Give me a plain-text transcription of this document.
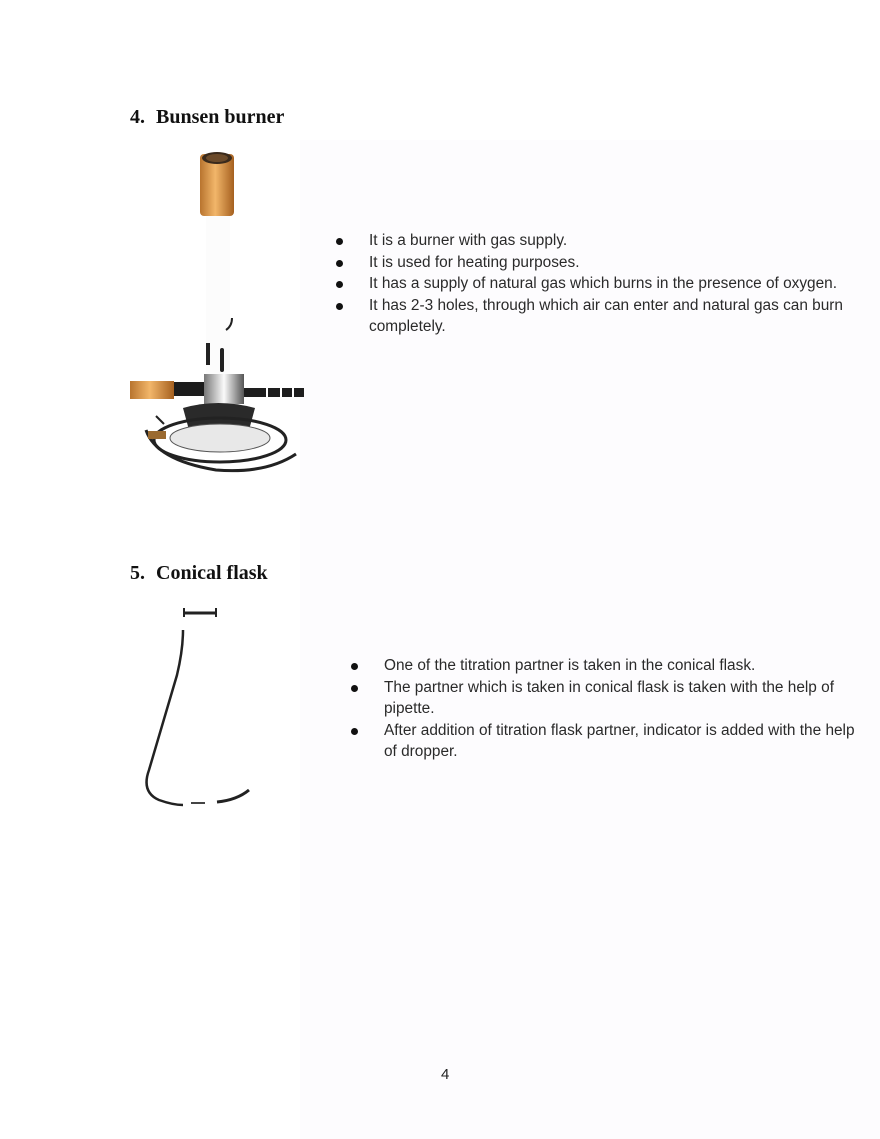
4. Bunsen burner
It is a burner with gas supply.
It is used for heating purposes.
It has a supply of natural gas which burns in the presence of oxygen.
It has 2-3 holes, through which air can enter and natural gas can burn completely.
5. Conical flask
One of the titration partner is taken in the conical flask.
The partner which is taken in conical flask is taken with the help of pipette.
After addition of titration flask partner, indicator is added with the help of dropper.
4
